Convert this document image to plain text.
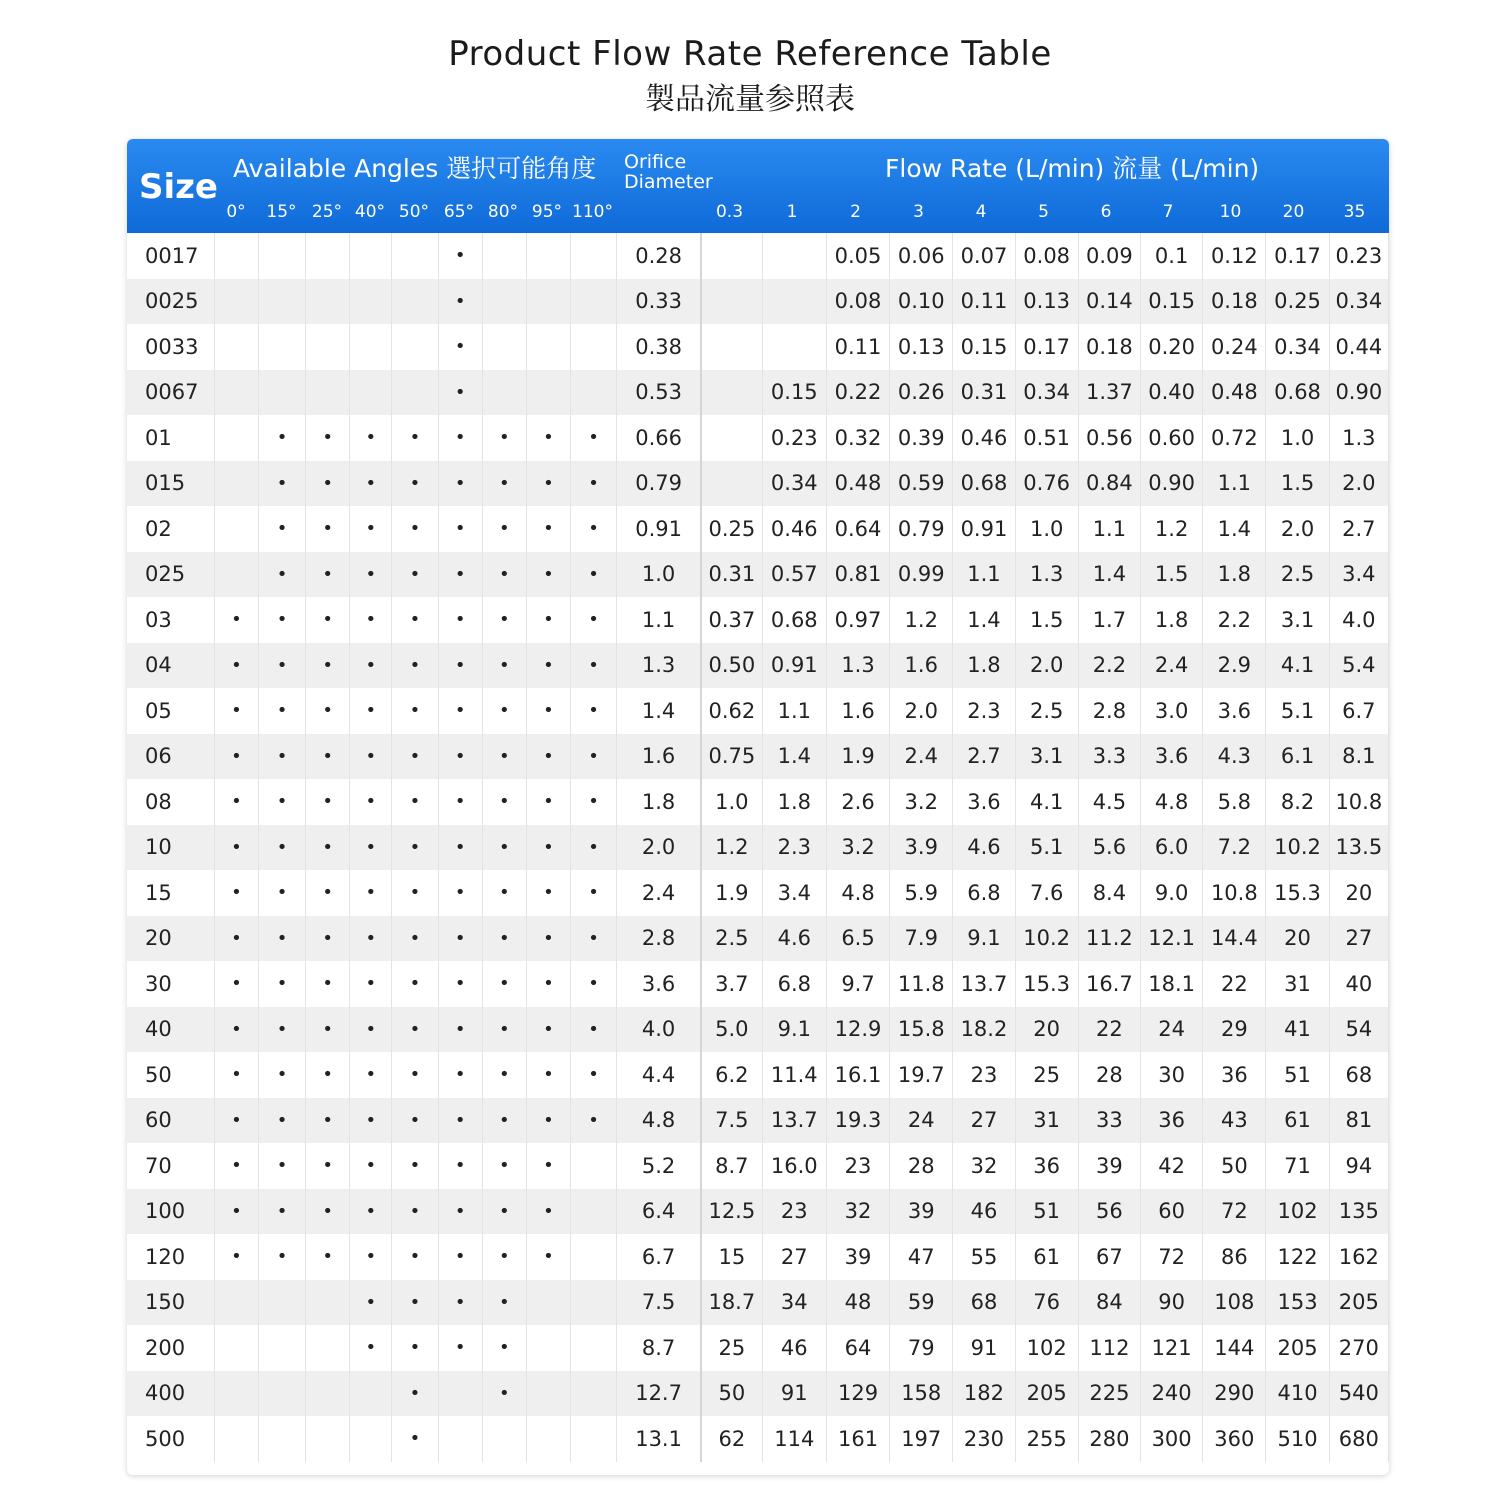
Product Flow Rate Reference Table
製品流量参照表
Size Available Angles 選択可能角度 Orifice
Diameter	Flow Rate (L/min) 流量 (L/min)
0°	15° 25° 40° 50° 65° 80° 95° 110°	0.3	1	2	3	4	5	6	7	10	20	35
0017						•				0.28			0.05	0.06	0.07	0.08	0.09	0.1	0.12	0.17	0.23
0025						•				0.33			0.08	0.10	0.11	0.13	0.14	0.15	0.18	0.25	0.34
0033						•				0.38			0.11	0.13	0.15	0.17	0.18	0.20	0.24	0.34	0.44
0067						•				0.53		0.15	0.22	0.26	0.31	0.34	1.37	0.40	0.48	0.68	0.90
01		•	•	•	•	•	•	•	•	0.66		0.23	0.32	0.39	0.46	0.51	0.56	0.60	0.72	1.0	1.3
015		•	•	•	•	•	•	•	•	0.79		0.34	0.48	0.59	0.68	0.76	0.84	0.90	1.1	1.5	2.0
02		•	•	•	•	•	•	•	•	0.91	0.25	0.46	0.64	0.79	0.91	1.0	1.1	1.2	1.4	2.0	2.7
025		•	•	•	•	•	•	•	•	1.0	0.31	0.57	0.81	0.99	1.1	1.3	1.4	1.5	1.8	2.5	3.4
03	•	•	•	•	•	•	•	•	•	1.1	0.37	0.68	0.97	1.2	1.4	1.5	1.7	1.8	2.2	3.1	4.0
04	•	•	•	•	•	•	•	•	•	1.3	0.50	0.91	1.3	1.6	1.8	2.0	2.2	2.4	2.9	4.1	5.4
05	•	•	•	•	•	•	•	•	•	1.4	0.62	1.1	1.6	2.0	2.3	2.5	2.8	3.0	3.6	5.1	6.7
06	•	•	•	•	•	•	•	•	•	1.6	0.75	1.4	1.9	2.4	2.7	3.1	3.3	3.6	4.3	6.1	8.1
08	•	•	•	•	•	•	•	•	•	1.8	1.0	1.8	2.6	3.2	3.6	4.1	4.5	4.8	5.8	8.2	10.8
10	•	•	•	•	•	•	•	•	•	2.0	1.2	2.3	3.2	3.9	4.6	5.1	5.6	6.0	7.2	10.2	13.5
15	•	•	•	•	•	•	•	•	•	2.4	1.9	3.4	4.8	5.9	6.8	7.6	8.4	9.0	10.8	15.3	20
20	•	•	•	•	•	•	•	•	•	2.8	2.5	4.6	6.5	7.9	9.1	10.2	11.2	12.1	14.4	20	27
30	•	•	•	•	•	•	•	•	•	3.6	3.7	6.8	9.7	11.8	13.7	15.3	16.7	18.1	22	31	40
40	•	•	•	•	•	•	•	•	•	4.0	5.0	9.1	12.9	15.8	18.2	20	22	24	29	41	54
50	•	•	•	•	•	•	•	•	•	4.4	6.2	11.4	16.1	19.7	23	25	28	30	36	51	68
60	•	•	•	•	•	•	•	•	•	4.8	7.5	13.7	19.3	24	27	31	33	36	43	61	81
70	•	•	•	•	•	•	•	•		5.2	8.7	16.0	23	28	32	36	39	42	50	71	94
100	•	•	•	•	•	•	•	•		6.4	12.5	23	32	39	46	51	56	60	72	102	135
120	•	•	•	•	•	•	•	•		6.7	15	27	39	47	55	61	67	72	86	122	162
150				•	•	•	•			7.5	18.7	34	48	59	68	76	84	90	108	153	205
200				•	•	•	•			8.7	25	46	64	79	91	102	112	121	144	205	270
400					•		•			12.7	50	91	129	158	182	205	225	240	290	410	540
500					•					13.1	62	114	161	197	230	255	280	300	360	510	680
